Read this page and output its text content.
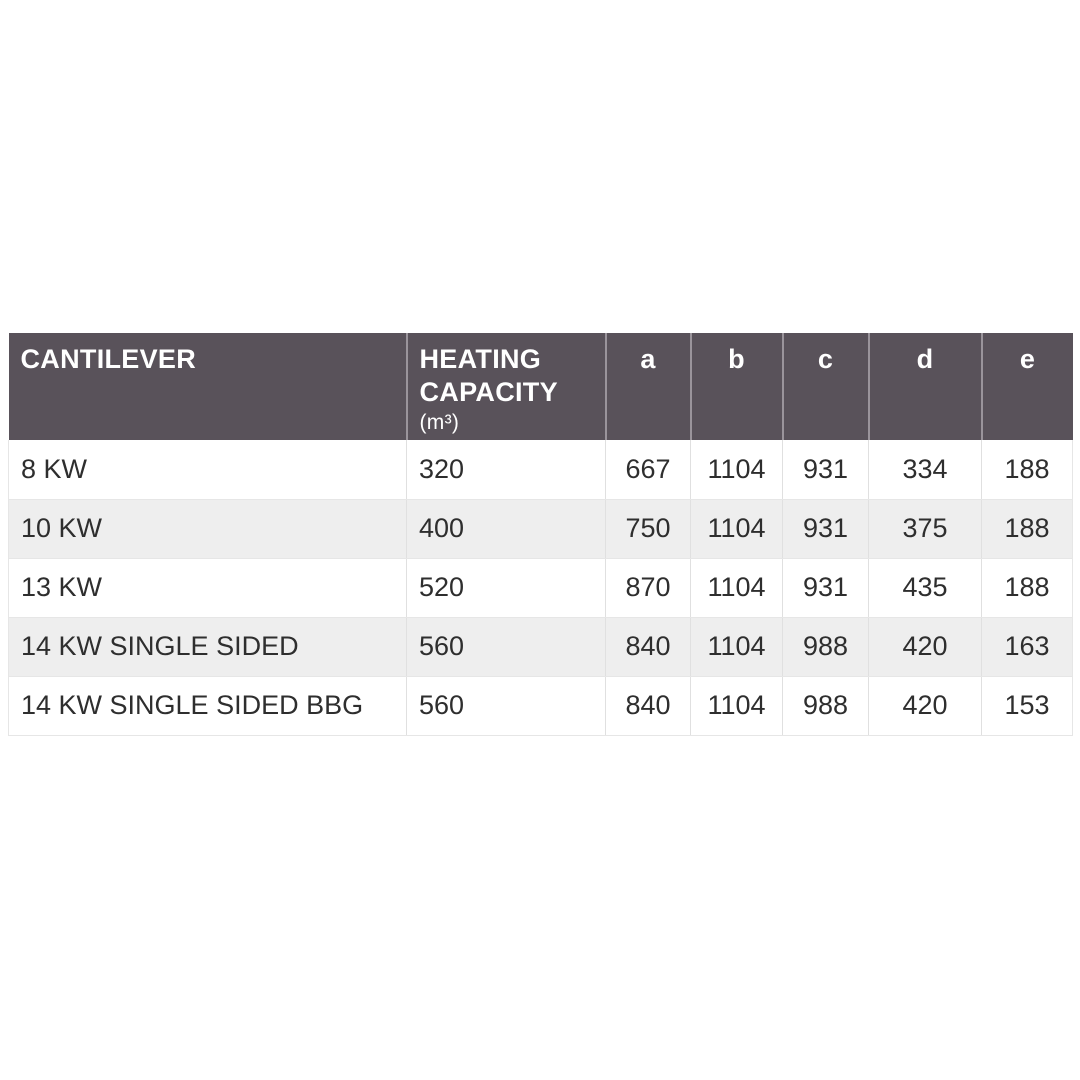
CANTILEVER	HEATING
CAPACITY
(m³)	a	b	c	d	e
8 KW	320	667	1104	931	334	188
10 KW	400	750	1104	931	375	188
13 KW	520	870	1104	931	435	188
14 KW SINGLE SIDED	560	840	1104	988	420	163
14 KW SINGLE SIDED BBG	560	840	1104	988	420	153
